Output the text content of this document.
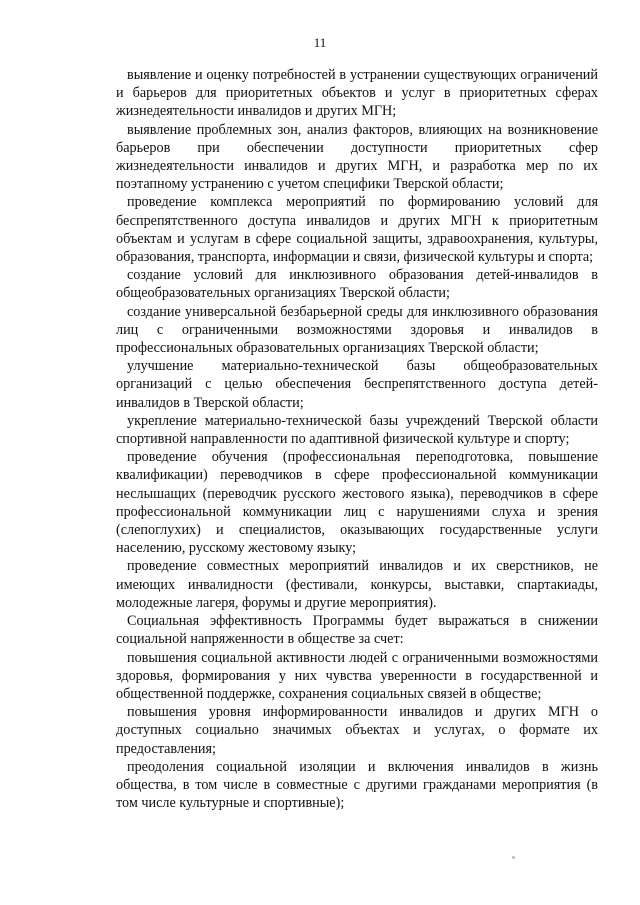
11

выявление и оценку потребностей в устранении существующих ограничений и барьеров для приоритетных объектов и услуг в приоритетных сферах жизнедеятельности инвалидов и других МГН;

выявление проблемных зон, анализ факторов, влияющих на возникновение барьеров при обеспечении доступности приоритетных сфер жизнедеятельности инвалидов и других МГН, и разработка мер по их поэтапному устранению с учетом специфики Тверской области;

проведение комплекса мероприятий по формированию условий для беспрепятственного доступа инвалидов и других МГН к приоритетным объектам и услугам в сфере социальной защиты, здравоохранения, культуры, образования, транспорта, информации и связи, физической культуры и спорта;

создание условий для инклюзивного образования детей-инвалидов в общеобразовательных организациях Тверской области;

создание универсальной безбарьерной среды для инклюзивного образования лиц с ограниченными возможностями здоровья и инвалидов в профессиональных образовательных организациях Тверской области;

улучшение материально-технической базы общеобразовательных организаций с целью обеспечения беспрепятственного доступа детей-инвалидов в Тверской области;

укрепление материально-технической базы учреждений Тверской области спортивной направленности по адаптивной физической культуре и спорту;

проведение обучения (профессиональная переподготовка, повышение квалификации) переводчиков в сфере профессиональной коммуникации неслышащих (переводчик русского жестового языка), переводчиков в сфере профессиональной коммуникации лиц с нарушениями слуха и зрения (слепоглухих) и специалистов, оказывающих государственные услуги населению, русскому жестовому языку;

проведение совместных мероприятий инвалидов и их сверстников, не имеющих инвалидности (фестивали, конкурсы, выставки, спартакиады, молодежные лагеря, форумы и другие мероприятия).

Социальная эффективность Программы будет выражаться в снижении социальной напряженности в обществе за счет:

повышения социальной активности людей с ограниченными возможностями здоровья, формирования у них чувства уверенности в государственной и общественной поддержке, сохранения социальных связей в обществе;

повышения уровня информированности инвалидов и других МГН о доступных социально значимых объектах и услугах, о формате их предоставления;

преодоления социальной изоляции и включения инвалидов в жизнь общества, в том числе в совместные с другими гражданами мероприятия (в том числе культурные и спортивные);
